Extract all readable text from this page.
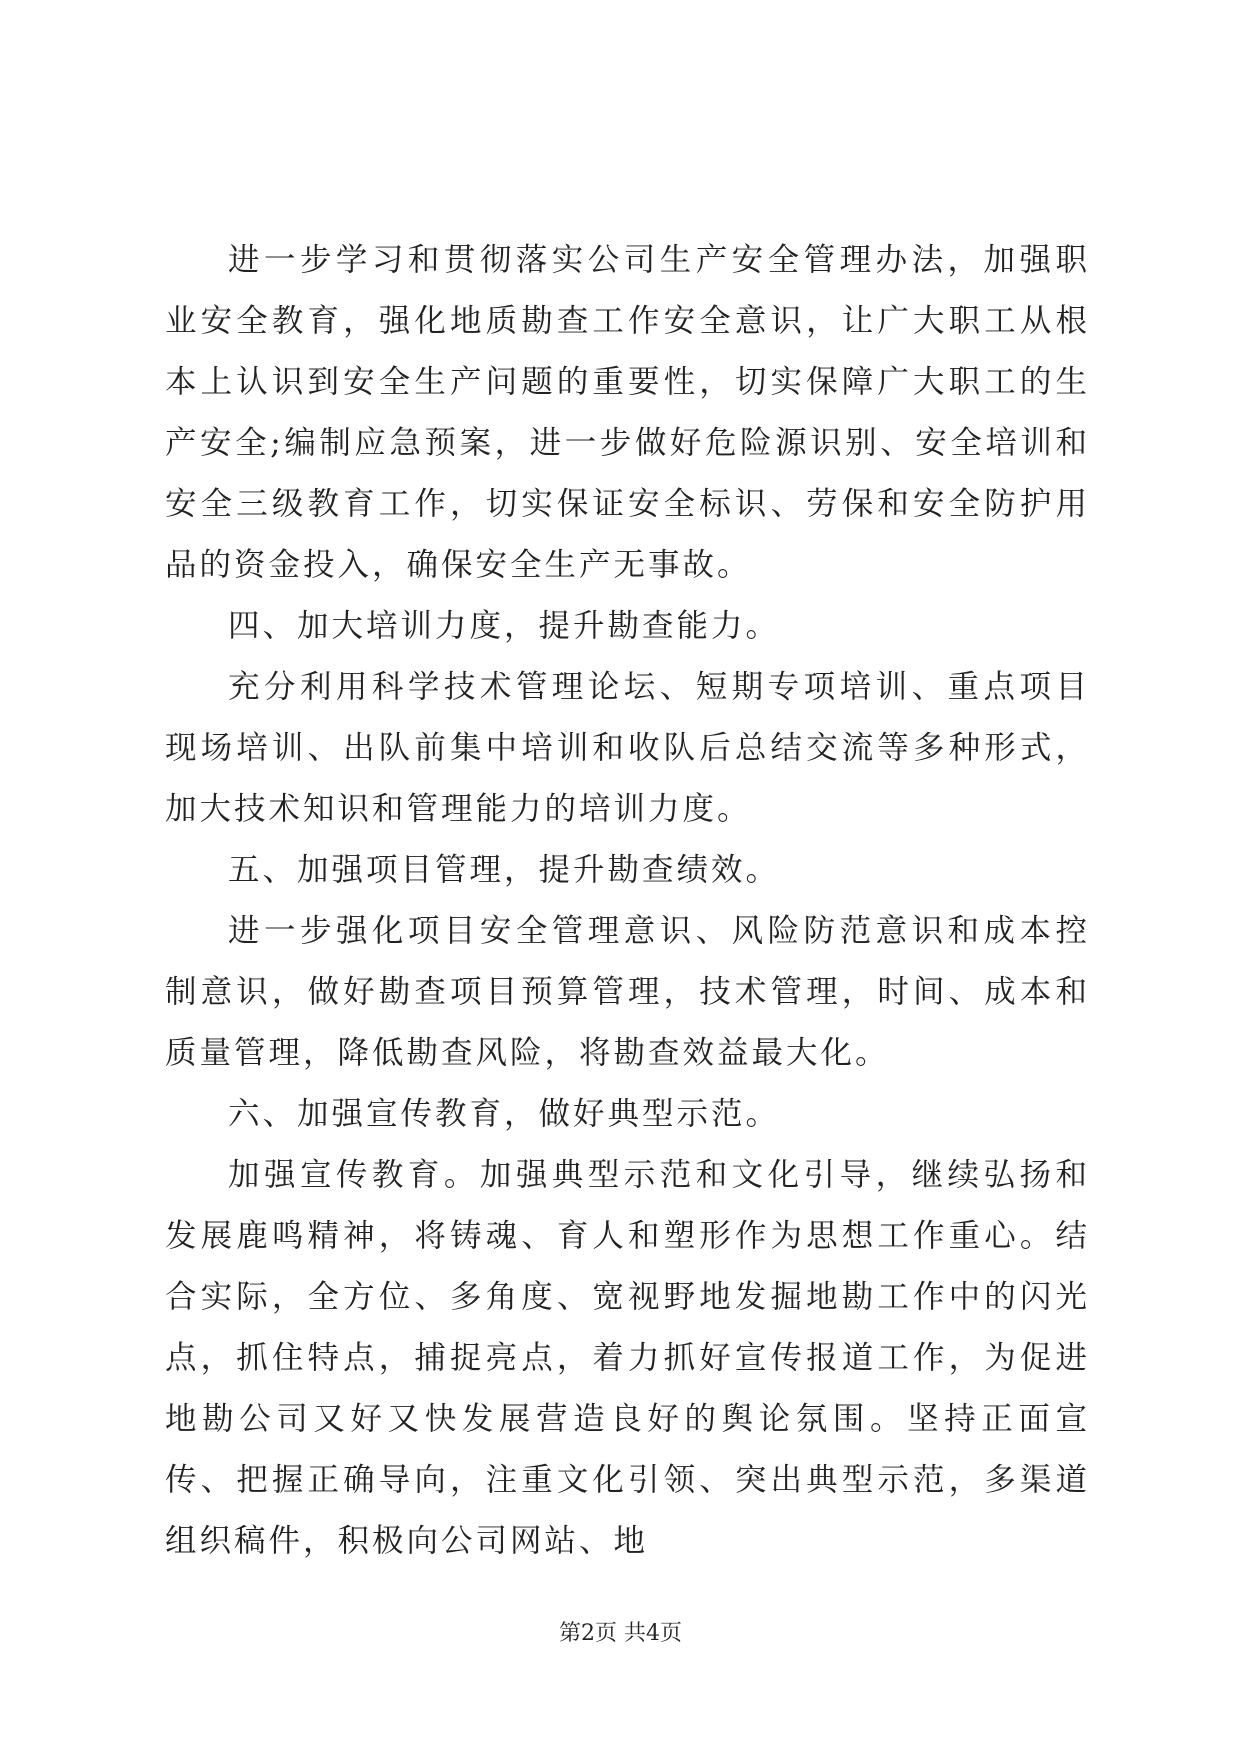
进一步学习和贯彻落实公司生产安全管理办法，加强职业安全教育，强化地质勘查工作安全意识，让广大职工从根本上认识到安全生产问题的重要性，切实保障广大职工的生产安全;编制应急预案，进一步做好危险源识别、安全培训和安全三级教育工作，切实保证安全标识、劳保和安全防护用品的资金投入，确保安全生产无事故。

四、加大培训力度，提升勘查能力。

充分利用科学技术管理论坛、短期专项培训、重点项目现场培训、出队前集中培训和收队后总结交流等多种形式，加大技术知识和管理能力的培训力度。

五、加强项目管理，提升勘查绩效。

进一步强化项目安全管理意识、风险防范意识和成本控制意识，做好勘查项目预算管理，技术管理，时间、成本和质量管理，降低勘查风险，将勘查效益最大化。

六、加强宣传教育，做好典型示范。

加强宣传教育。加强典型示范和文化引导，继续弘扬和发展鹿鸣精神，将铸魂、育人和塑形作为思想工作重心。结合实际，全方位、多角度、宽视野地发掘地勘工作中的闪光点，抓住特点，捕捉亮点，着力抓好宣传报道工作，为促进地勘公司又好又快发展营造良好的舆论氛围。坚持正面宣传、把握正确导向，注重文化引领、突出典型示范，多渠道组织稿件，积极向公司网站、地

第2页 共4页
